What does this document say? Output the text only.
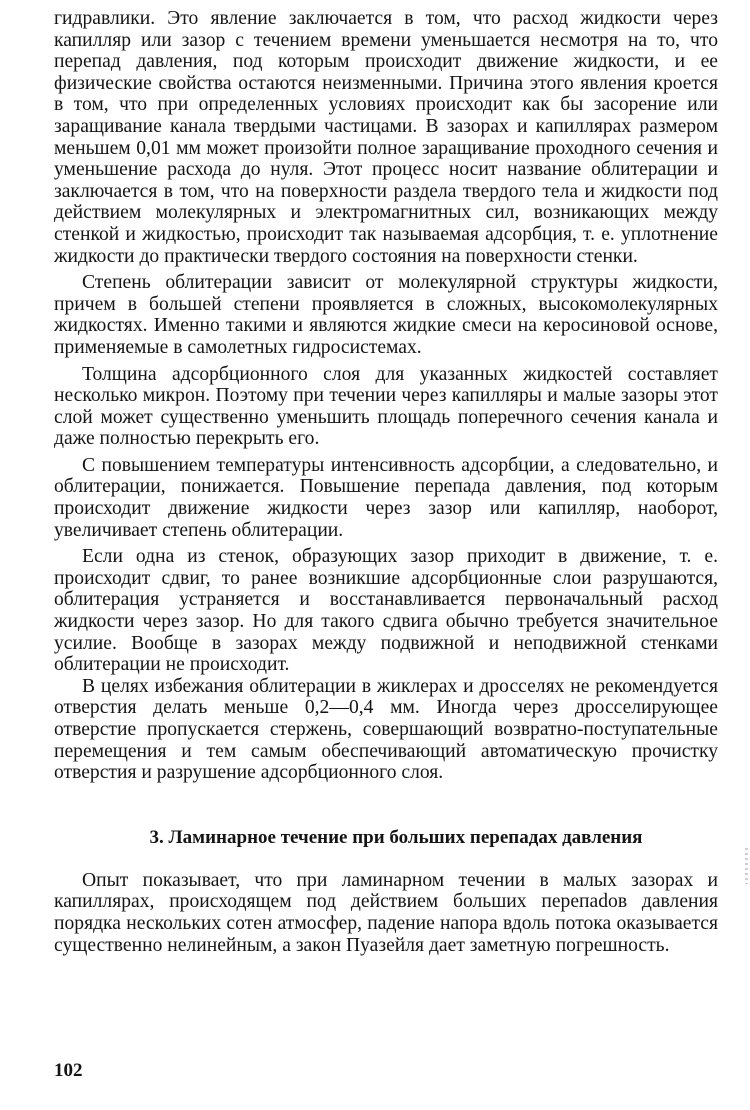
гидравлики. Это явление заключается в том, что расход жидкости через капилляр или зазор с течением времени уменьшается несмотря на то, что перепад давления, под которым происходит движение жидкости, и ее физические свойства остаются неизменными. Причина этого явления кроется в том, что при определенных условиях происходит как бы засорение или заращивание канала твердыми частицами. В зазорах и капиллярах размером меньшем 0,01 мм может произойти полное заращивание проходного сечения и уменьшение расхода до нуля. Этот процесс носит название облитерации и заключается в том, что на поверхности раздела твердого тела и жидкости под действием молекулярных и электромагнитных сил, возникающих между стенкой и жидкостью, происходит так называемая адсорбция, т. е. уплотнение жидкости до практически твердого состояния на поверхности стенки.

Степень облитерации зависит от молекулярной структуры жидкости, причем в большей степени проявляется в сложных, высокомолекулярных жидкостях. Именно такими и являются жидкие смеси на керосиновой основе, применяемые в самолетных гидросистемах.

Толщина адсорбционного слоя для указанных жидкостей составляет несколько микрон. Поэтому при течении через капилляры и малые зазоры этот слой может существенно уменьшить площадь поперечного сечения канала и даже полностью перекрыть его.

С повышением температуры интенсивность адсорбции, а следовательно, и облитерации, понижается. Повышение перепада давления, под которым происходит движение жидкости через зазор или капилляр, наоборот, увеличивает степень облитерации.

Если одна из стенок, образующих зазор приходит в движение, т. е. происходит сдвиг, то ранее возникшие адсорбционные слои разрушаются, облитерация устраняется и восстанавливается первоначальный расход жидкости через зазор. Но для такого сдвига обычно требуется значительное усилие. Вообще в зазорах между подвижной и неподвижной стенками облитерации не происходит.

В целях избежания облитерации в жиклерах и дросселях не рекомендуется отверстия делать меньше 0,2—0,4 мм. Иногда через дросселирующее отверстие пропускается стержень, совершающий возвратно-поступательные перемещения и тем самым обеспечивающий автоматическую прочистку отверстия и разрушение адсорбционного слоя.

3. Ламинарное течение при больших перепадах давления

Опыт показывает, что при ламинарном течении в малых зазорах и капиллярах, происходящем под действием больших перепаdов давления порядка нескольких сотен атмосфер, падение напора вдоль потока оказывается существенно нелинейным, а закон Пуазейля дает заметную погрешность.

102
